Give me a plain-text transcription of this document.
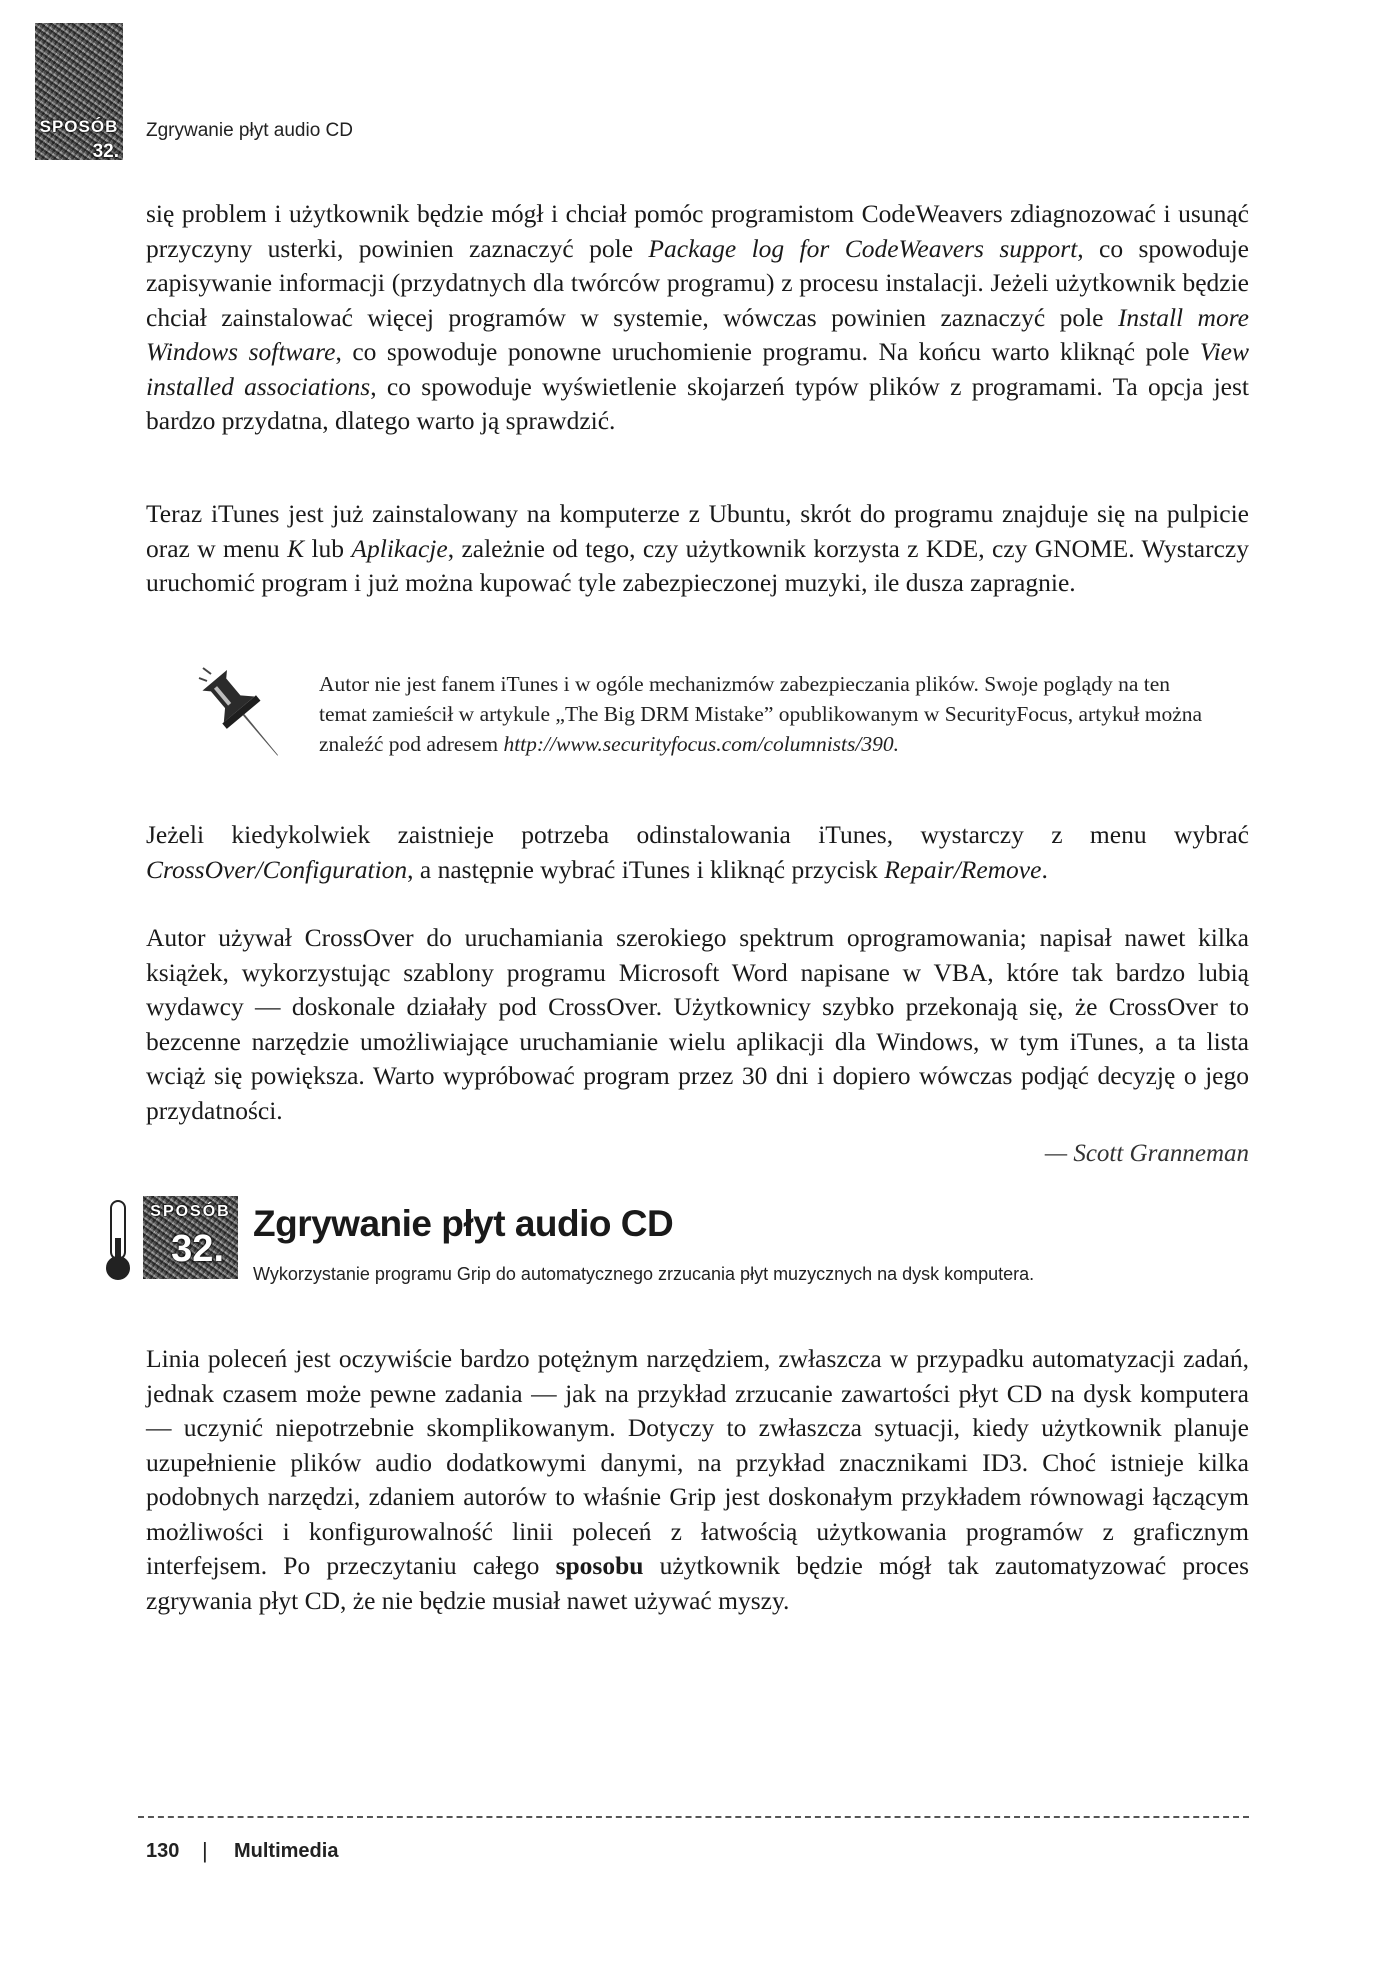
SPOSÓB
32.
Zgrywanie płyt audio CD

się problem i użytkownik będzie mógł i chciał pomóc programistom CodeWeavers zdiagnozować i usunąć przyczyny usterki, powinien zaznaczyć pole Package log for CodeWeavers support, co spowoduje zapisywanie informacji (przydatnych dla twórców programu) z procesu instalacji. Jeżeli użytkownik będzie chciał zainstalować więcej programów w systemie, wówczas powinien zaznaczyć pole Install more Windows software, co spowoduje ponowne uruchomienie programu. Na końcu warto kliknąć pole View installed associations, co spowoduje wyświetlenie skojarzeń typów plików z programami. Ta opcja jest bardzo przydatna, dlatego warto ją sprawdzić.

Teraz iTunes jest już zainstalowany na komputerze z Ubuntu, skrót do programu znajduje się na pulpicie oraz w menu K lub Aplikacje, zależnie od tego, czy użytkownik korzysta z KDE, czy GNOME. Wystarczy uruchomić program i już można kupować tyle zabezpieczonej muzyki, ile dusza zapragnie.

Autor nie jest fanem iTunes i w ogóle mechanizmów zabezpieczania plików. Swoje poglądy na ten temat zamieścił w artykule „The Big DRM Mistake” opublikowanym w SecurityFocus, artykuł można znaleźć pod adresem http://www.securityfocus.com/columnists/390.

Jeżeli kiedykolwiek zaistnieje potrzeba odinstalowania iTunes, wystarczy z menu wybrać CrossOver/Configuration, a następnie wybrać iTunes i kliknąć przycisk Repair/Remove.

Autor używał CrossOver do uruchamiania szerokiego spektrum oprogramowania; napisał nawet kilka książek, wykorzystując szablony programu Microsoft Word napisane w VBA, które tak bardzo lubią wydawcy — doskonale działały pod CrossOver. Użytkownicy szybko przekonają się, że CrossOver to bezcenne narzędzie umożliwiające uruchamianie wielu aplikacji dla Windows, w tym iTunes, a ta lista wciąż się powiększa. Warto wypróbować program przez 30 dni i dopiero wówczas podjąć decyzję o jego przydatności.

— Scott Granneman
SPOSÓB
32.
Zgrywanie płyt audio CD
Wykorzystanie programu Grip do automatycznego zrzucania płyt muzycznych na dysk komputera.

Linia poleceń jest oczywiście bardzo potężnym narzędziem, zwłaszcza w przypadku automatyzacji zadań, jednak czasem może pewne zadania — jak na przykład zrzucanie zawartości płyt CD na dysk komputera — uczynić niepotrzebnie skomplikowanym. Dotyczy to zwłaszcza sytuacji, kiedy użytkownik planuje uzupełnienie plików audio dodatkowymi danymi, na przykład znacznikami ID3. Choć istnieje kilka podobnych narzędzi, zdaniem autorów to właśnie Grip jest doskonałym przykładem równowagi łączącym możliwości i konfigurowalność linii poleceń z łatwością użytkowania programów z graficznym interfejsem. Po przeczytaniu całego sposobu użytkownik będzie mógł tak zautomatyzować proces zgrywania płyt CD, że nie będzie musiał nawet używać myszy.

130 | Multimedia
